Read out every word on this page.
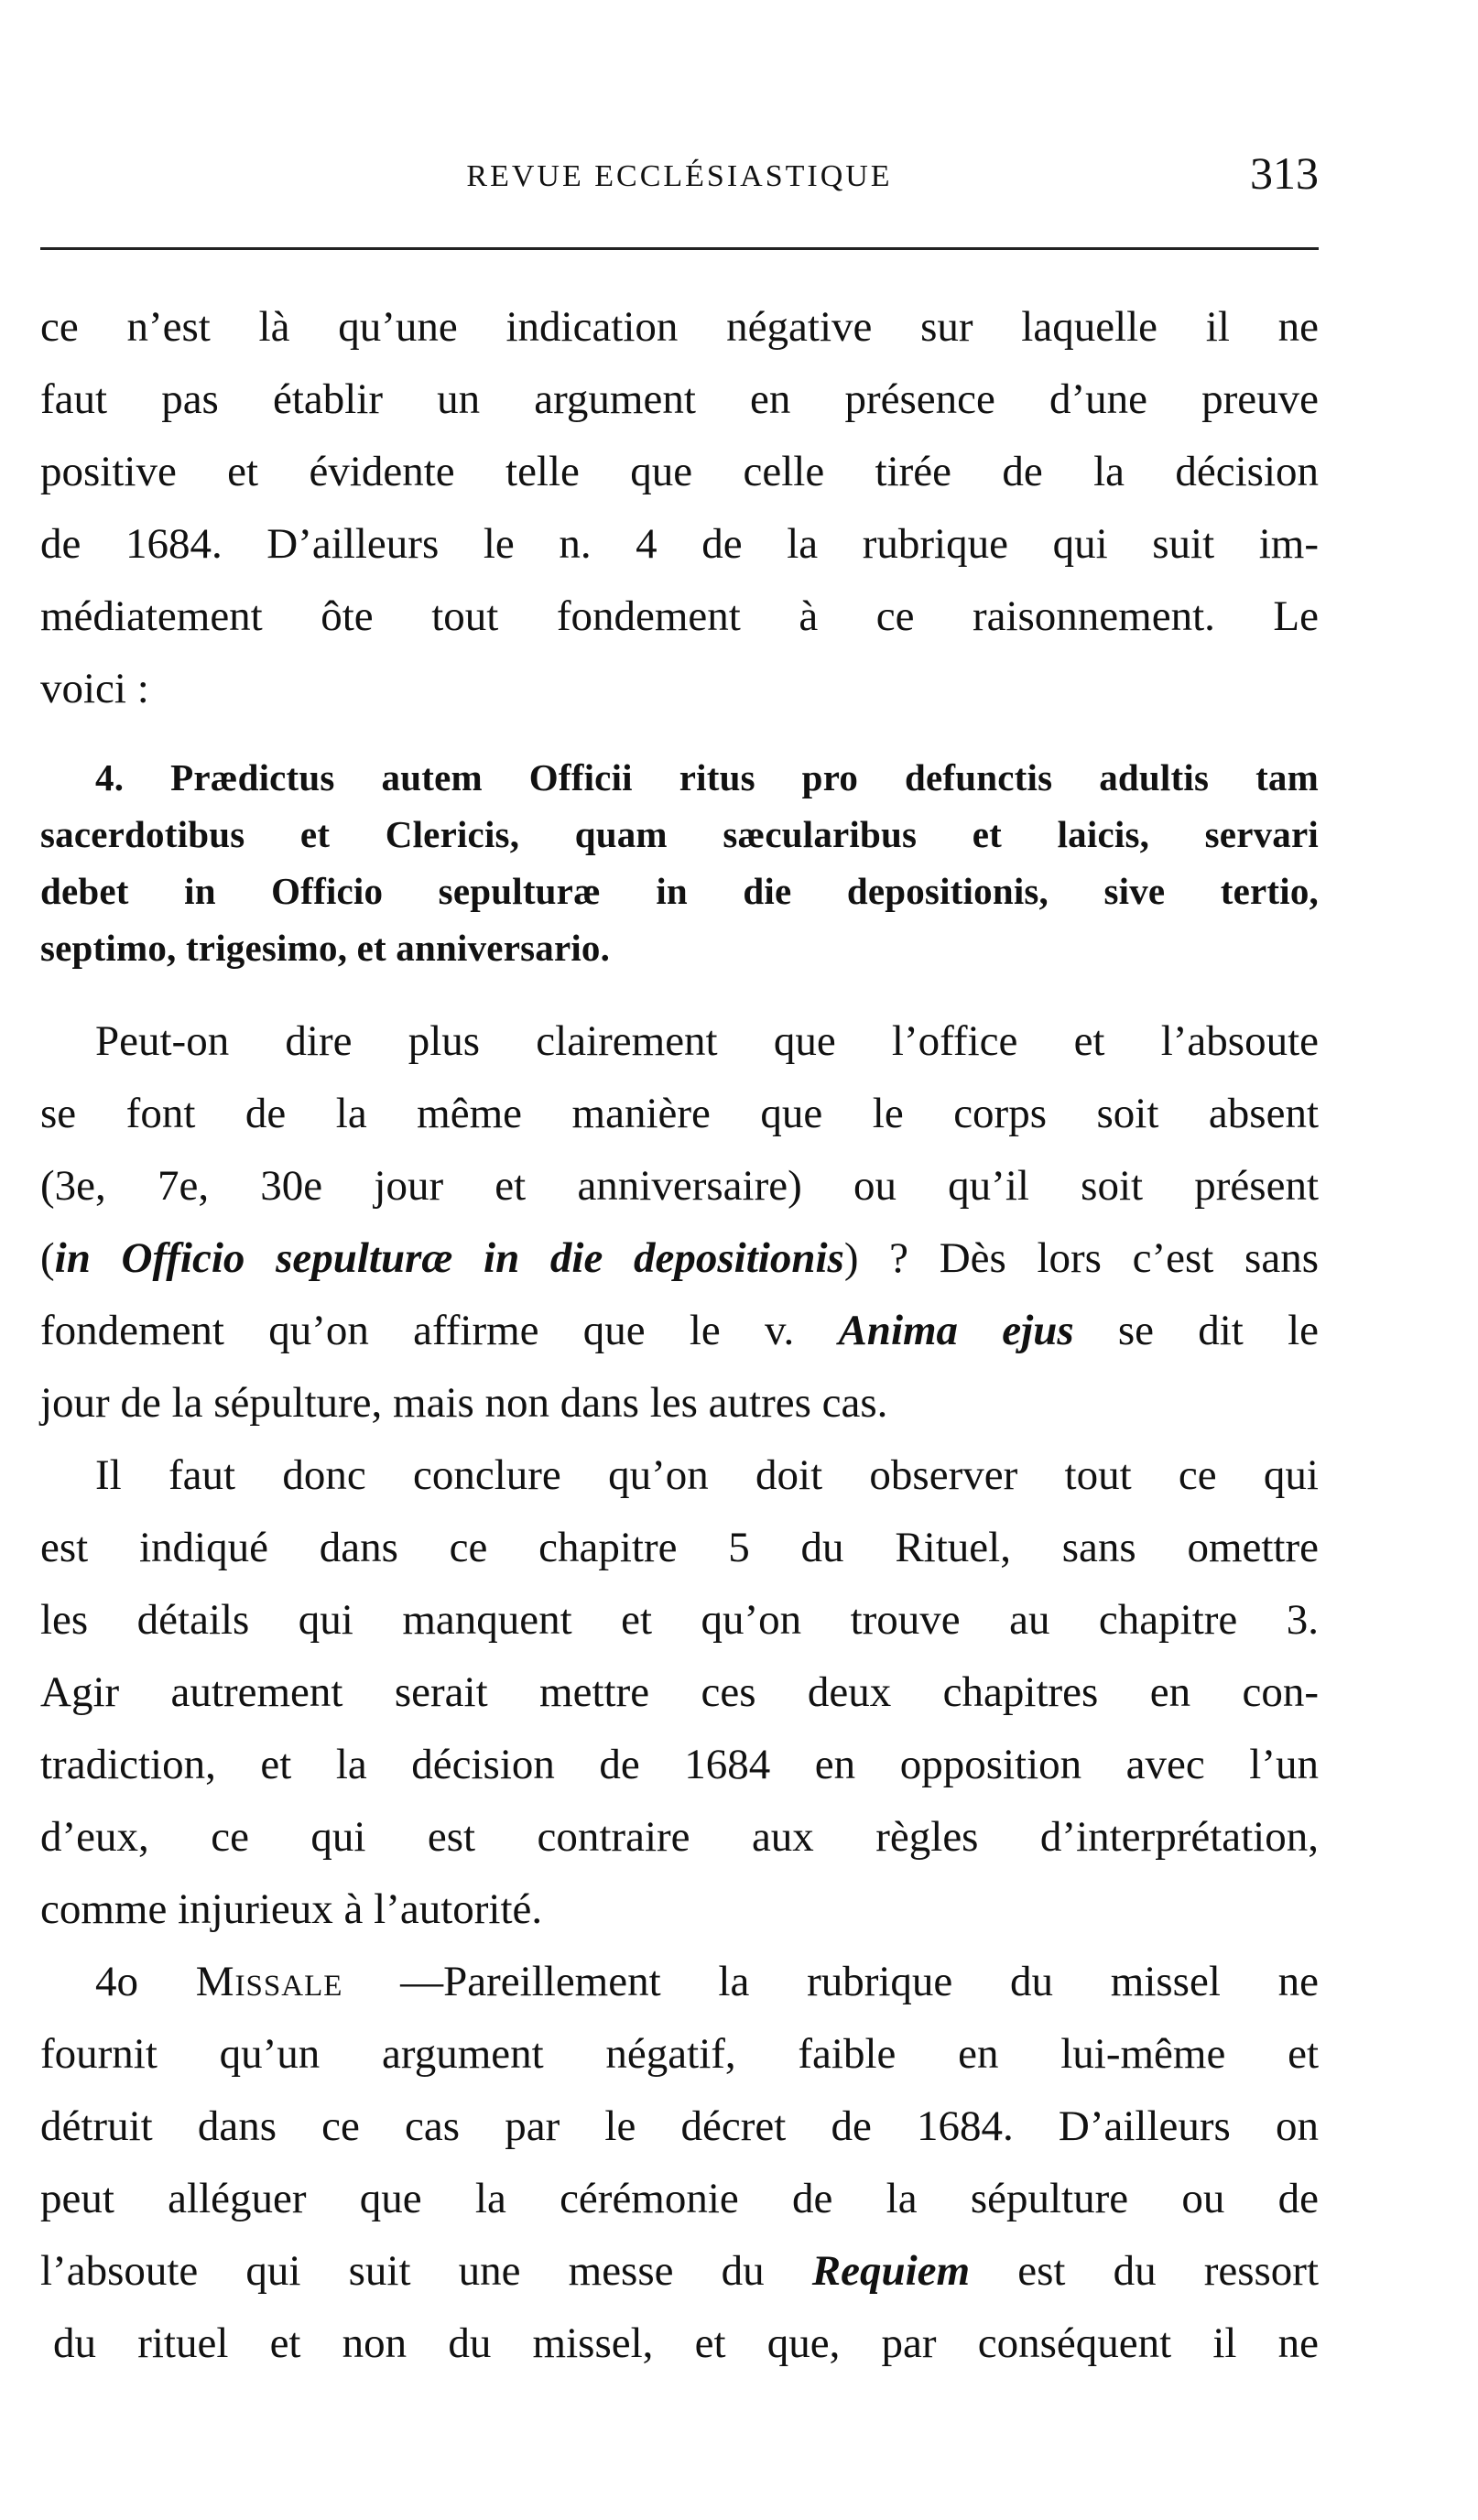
REVUE ECCLÉSIASTIQUE	313
ce n’est là qu’une indication négative sur laquelle il ne
faut pas établir un argument en présence d’une preuve
positive et évidente telle que celle tirée de la décision
de 1684. D’ailleurs le n. 4 de la rubrique qui suit im-
médiatement ôte tout fondement à ce raisonnement. Le
voici :
4. Prædictus autem Officii ritus pro defunctis adultis tam
sacerdotibus et Clericis, quam sæcularibus et laicis, servari
debet in Officio sepulturæ in die depositionis, sive tertio,
septimo, trigesimo, et anniversario.
Peut-on dire plus clairement que l’office et l’absoute
se font de la même manière que le corps soit absent
(3e, 7e, 30e jour et anniversaire) ou qu’il soit présent
(in Officio sepulturæ in die depositionis) ? Dès lors c’est sans
fondement qu’on affirme que le v. Anima ejus se dit le
jour de la sépulture, mais non dans les autres cas.
Il faut donc conclure qu’on doit observer tout ce qui
est indiqué dans ce chapitre 5 du Rituel, sans omettre
les détails qui manquent et qu’on trouve au chapitre 3.
Agir autrement serait mettre ces deux chapitres en con-
tradiction, et la décision de 1684 en opposition avec l’un
d’eux, ce qui est contraire aux règles d’interprétation,
comme injurieux à l’autorité.
4o Missale —Pareillement la rubrique du missel ne
fournit qu’un argument négatif, faible en lui-même et
détruit dans ce cas par le décret de 1684. D’ailleurs on
peut alléguer que la cérémonie de la sépulture ou de
l’absoute qui suit une messe du Requiem est du ressort
du rituel et non du missel, et que, par conséquent il ne
